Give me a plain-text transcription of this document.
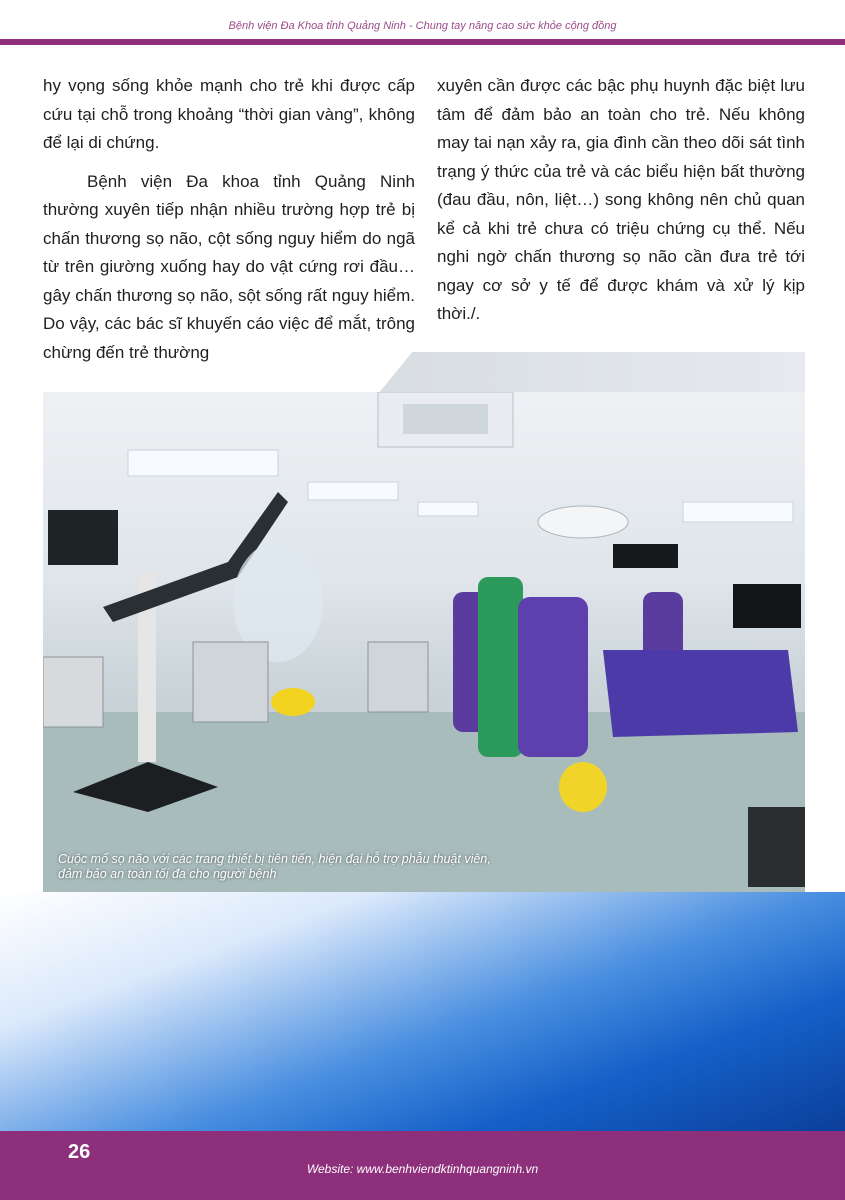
Bệnh viện Đa Khoa tỉnh Quảng Ninh - Chung tay nâng cao sức khỏe cộng đồng

hy vọng sống khỏe mạnh cho trẻ khi được cấp cứu tại chỗ trong khoảng “thời gian vàng”, không để lại di chứng.

Bệnh viện Đa khoa tỉnh Quảng Ninh thường xuyên tiếp nhận nhiều trường hợp trẻ bị chấn thương sọ não, cột sống nguy hiểm do ngã từ trên giường xuống hay do vật cứng rơi đầu… gây chấn thương sọ não, sột sống rất nguy hiểm. Do vậy, các bác sĩ khuyến cáo việc để mắt, trông chừng đến trẻ thường

xuyên cần được các bậc phụ huynh đặc biệt lưu tâm để đảm bảo an toàn cho trẻ. Nếu không may tai nạn xảy ra, gia đình cần theo dõi sát tình trạng ý thức của trẻ và các biểu hiện bất thường (đau đầu, nôn, liệt…) song không nên chủ quan kể cả khi trẻ chưa có triệu chứng cụ thể. Nếu nghi ngờ chấn thương sọ não cần đưa trẻ tới ngay cơ sở y tế để được khám và xử lý kịp thời./.

Cuộc mổ sọ não với các trang thiết bị tiên tiến, hiện đại hỗ trợ phẫu thuật viên, đảm bảo an toàn tối đa cho người bệnh
26
Website: www.benhviendktinhquangninh.vn
